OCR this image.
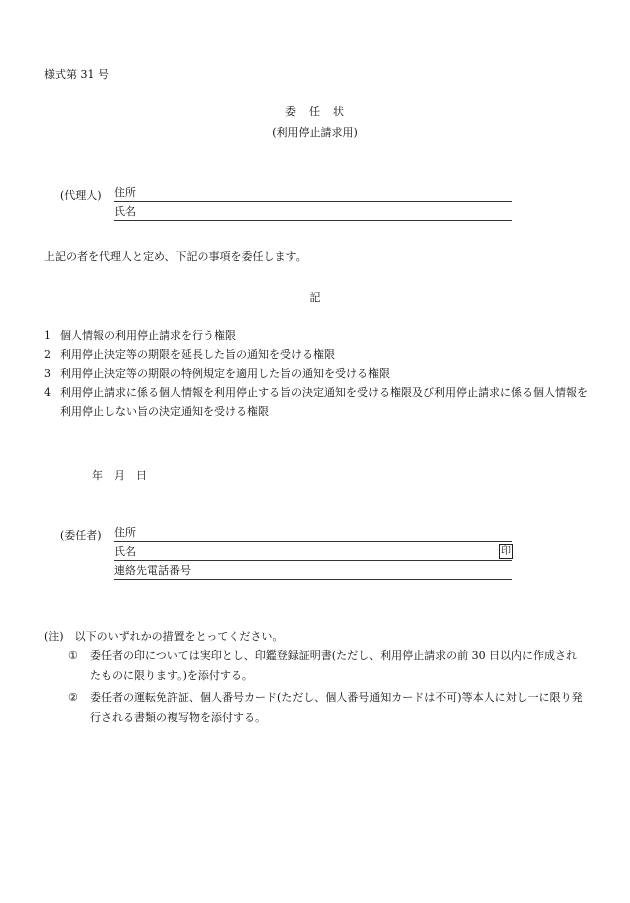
様式第 31 号
委　任　状
(利用停止請求用)
(代理人) 住所
氏名
上記の者を代理人と定め、下記の事項を委任します。
記
1 個人情報の利用停止請求を行う権限
2 利用停止決定等の期限を延長した旨の通知を受ける権限
3 利用停止決定等の期限の特例規定を適用した旨の通知を受ける権限
4 利用停止請求に係る個人情報を利用停止する旨の決定通知を受ける権限及び利用停止請求に係る個人情報を利用停止しない旨の決定通知を受ける権限
年　月　日
(委任者) 住所
氏名	印
連絡先電話番号
(注)　以下のいずれかの措置をとってください。
①	委任者の印については実印とし、印鑑登録証明書(ただし、利用停止請求の前 30 日以内に作成されたものに限ります。)を添付する。
②	委任者の運転免許証、個人番号カード(ただし、個人番号通知カードは不可)等本人に対し一に限り発行される書類の複写物を添付する。
